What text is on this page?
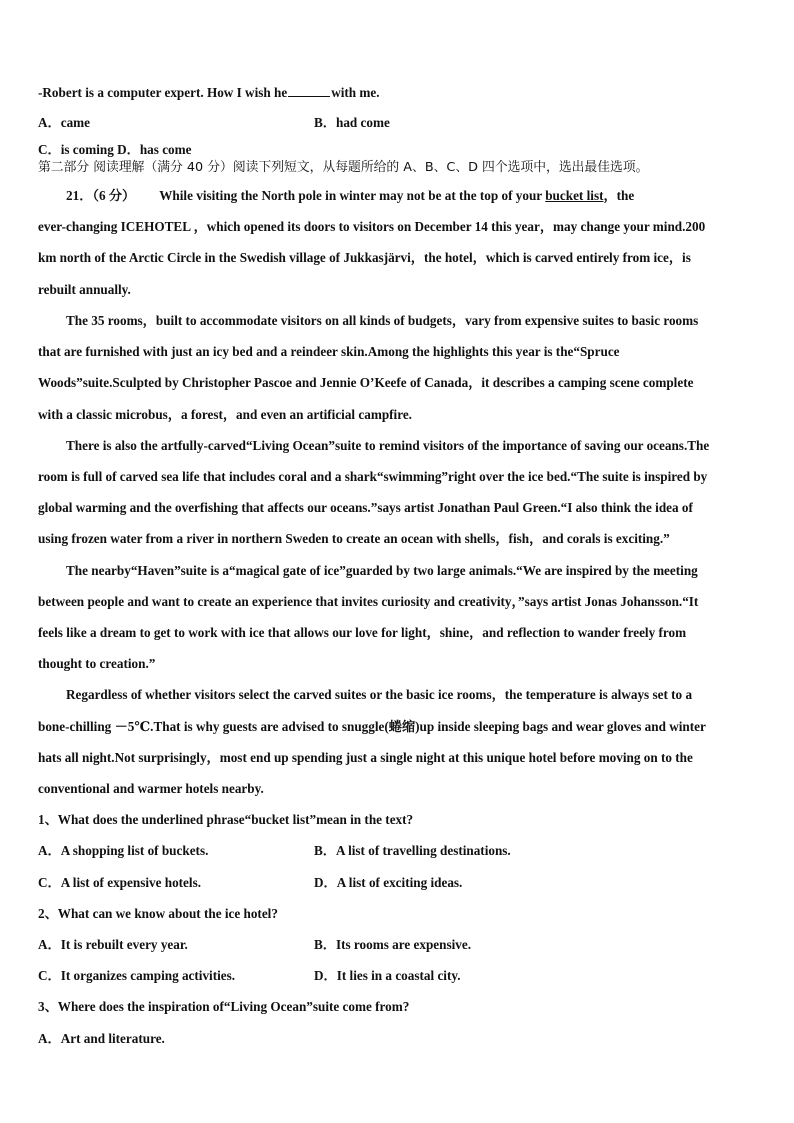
-Robert is a computer expert. How I wish he	with me.
A．came	B．had come
C．is coming D．has come
第二部分 阅读理解（满分 40 分）阅读下列短文，从每题所给的 A、B、C、D 四个选项中，选出最佳选项。
21．（6 分） While visiting the North pole in winter may not be at the top of your bucket list，the
ever-changing ICEHOTEL ，which opened its doors to visitors on December 14 this year，may change your mind.200
km north of the Arctic Circle in the Swedish village of Jukkasjärvi，the hotel，which is carved entirely from ice，is
rebuilt annually.
The 35 rooms，built to accommodate visitors on all kinds of budgets，vary from expensive suites to basic rooms
that are furnished with just an icy bed and a reindeer skin.Among the highlights this year is the“Spruce
Woods”suite.Sculpted by Christopher Pascoe and Jennie O’Keefe of Canada，it describes a camping scene complete
with a classic microbus，a forest，and even an artificial campfire.
There is also the artfully-carved“Living Ocean”suite to remind visitors of the importance of saving our oceans.The
room is full of carved sea life that includes coral and a shark“swimming”right over the ice bed.“The suite is inspired by
global warming and the overfishing that affects our oceans.”says artist Jonathan Paul Green.“I also think the idea of
using frozen water from a river in northern Sweden to create an ocean with shells，fish，and corals is exciting.”
The nearby“Haven”suite is a“magical gate of ice”guarded by two large animals.“We are inspired by the meeting
between people and want to create an experience that invites curiosity and creativity，”says artist Jonas Johansson.“It
feels like a dream to get to work with ice that allows our love for light，shine，and reflection to wander freely from
thought to creation.”
Regardless of whether visitors select the carved suites or the basic ice rooms，the temperature is always set to a
bone-chilling －5℃.That is why guests are advised to snuggle(蜷缩)up inside sleeping bags and wear gloves and winter
hats all night.Not surprisingly，most end up spending just a single night at this unique hotel before moving on to the
conventional and warmer hotels nearby.
1、What does the underlined phrase“bucket list”mean in the text?
A．A shopping list of buckets.	B．A list of travelling destinations.
C．A list of expensive hotels.	D．A list of exciting ideas.
2、What can we know about the ice hotel?
A．It is rebuilt every year.	B．Its rooms are expensive.
C．It organizes camping activities.	D．It lies in a coastal city.
3、Where does the inspiration of“Living Ocean”suite come from?
A．Art and literature.
